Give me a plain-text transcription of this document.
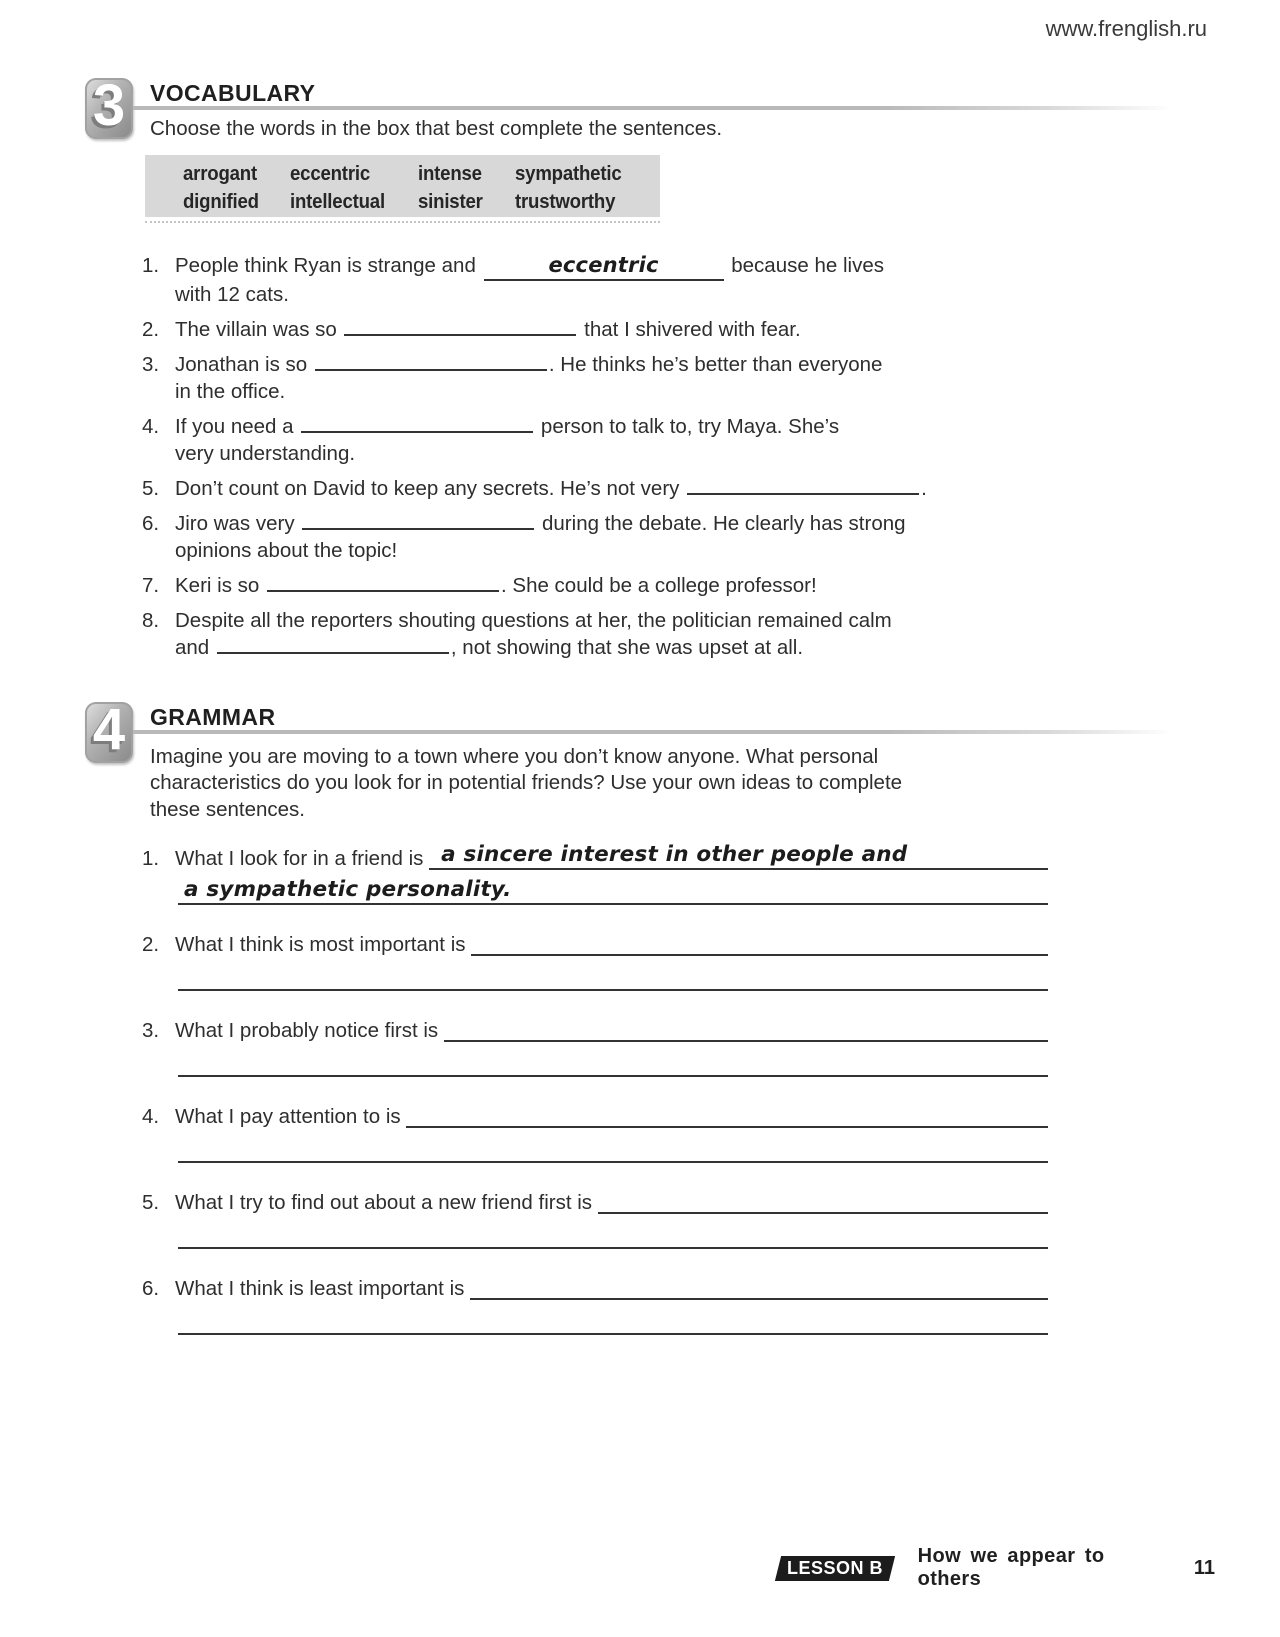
www.frenglish.ru
3	VOCABULARY
Choose the words in the box that best complete the sentences.
arrogant	eccentric	intense	sympathetic
dignified	intellectual	sinister	trustworthy
1. People think Ryan is strange and	eccentric	because he lives
with 12 cats.
2. The villain was so	that I shivered with fear.
3. Jonathan is so	. He thinks he’s better than everyone
in the office.
4. If you need a	person to talk to, try Maya. She’s
very understanding.
5. Don’t count on David to keep any secrets. He’s not very	.
6. Jiro was very	during the debate. He clearly has strong
opinions about the topic!
7. Keri is so	. She could be a college professor!
8. Despite all the reporters shouting questions at her, the politician remained calm
and	, not showing that she was upset at all.
4	GRAMMAR
Imagine you are moving to a town where you don’t know anyone. What personal
characteristics do you look for in potential friends? Use your own ideas to complete
these sentences.
1. What I look for in a friend is a sincere interest in other people and
a sympathetic personality.
2. What I think is most important is
3. What I probably notice first is
4. What I pay attention to is
5. What I try to find out about a new friend first is
6. What I think is least important is
LESSON B
How we appear to others
11
